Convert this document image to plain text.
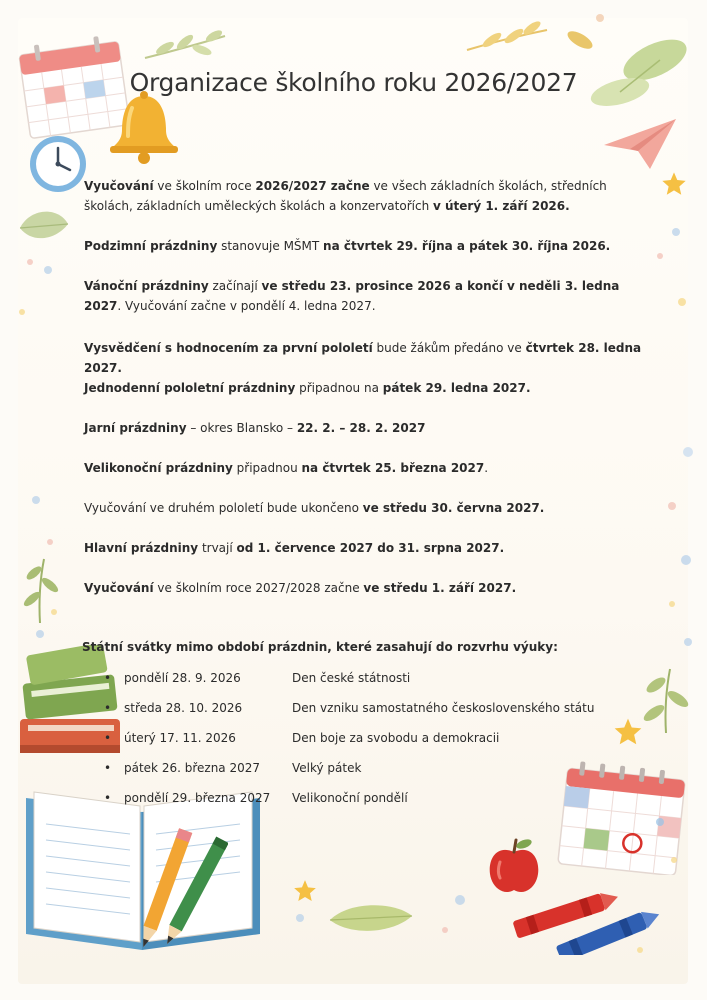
Organizace školního roku 2026/2027

Vyučování ve školním roce 2026/2027 začne ve všech základních školách, středních školách, základních uměleckých školách a konzervatořích v úterý 1. září 2026.

Podzimní prázdniny stanovuje MŠMT na čtvrtek 29. října a pátek 30. října 2026.

Vánoční prázdniny začínají ve středu 23. prosince 2026 a končí v neděli 3. ledna 2027. Vyučování začne v pondělí 4. ledna 2027.

Vysvědčení s hodnocením za první pololetí bude žákům předáno ve čtvrtek 28. ledna 2027.

Jednodenní pololetní prázdniny připadnou na pátek 29. ledna 2027.

Jarní prázdniny – okres Blansko – 22. 2. – 28. 2. 2027

Velikonoční prázdniny připadnou na čtvrtek 25. března 2027.

Vyučování ve druhém pololetí bude ukončeno ve středu 30. června 2027.

Hlavní prázdniny trvají od 1. července 2027 do 31. srpna 2027.

Vyučování ve školním roce 2027/2028 začne ve středu 1. září 2027.

Státní svátky mimo období prázdnin, které zasahují do rozvrhu výuky:

• pondělí 28. 9. 2026	Den české státnosti
• středa 28. 10. 2026	Den vzniku samostatného československého státu
• úterý 17. 11. 2026	Den boje za svobodu a demokracii
• pátek 26. března 2027	Velký pátek
• pondělí 29. března 2027 Velikonoční pondělí
